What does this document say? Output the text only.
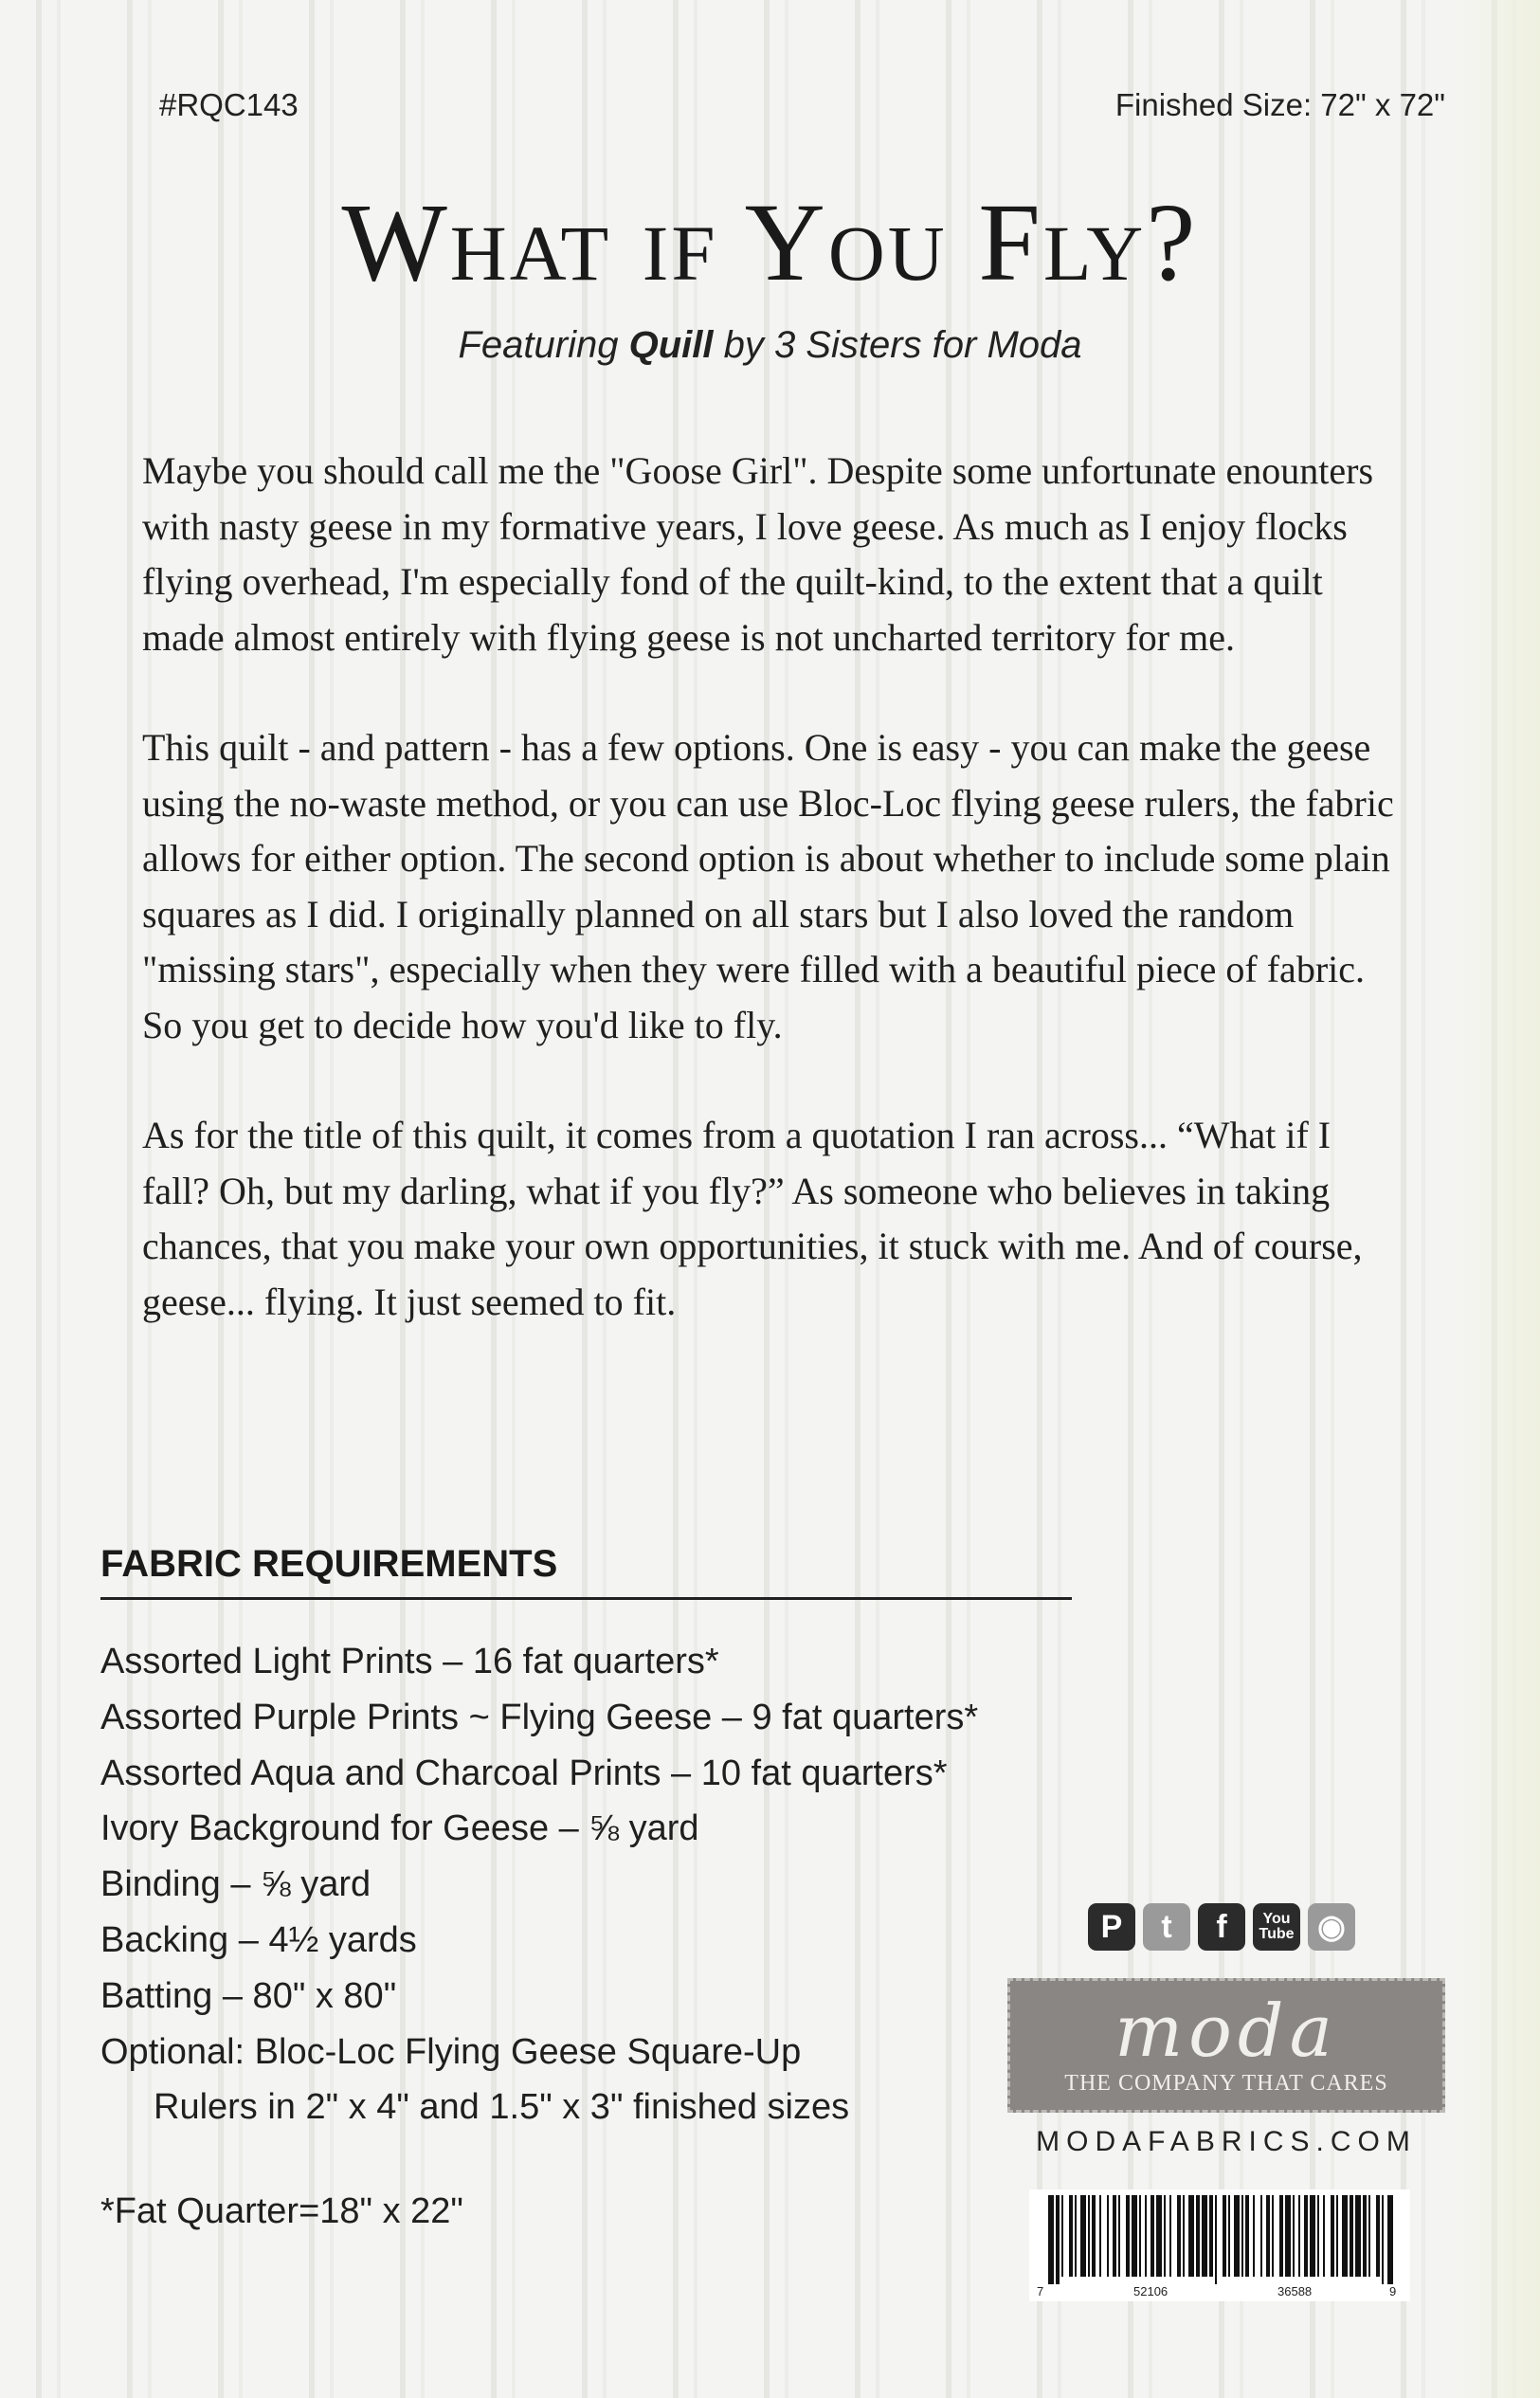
#RQC143	Finished Size: 72" x 72"
What if You Fly?
Featuring Quill by 3 Sisters for Moda

Maybe you should call me the "Goose Girl". Despite some unfortunate enounters with nasty geese in my formative years, I love geese. As much as I enjoy flocks flying overhead, I'm especially fond of the quilt-kind, to the extent that a quilt made almost entirely with flying geese is not uncharted territory for me.

This quilt - and pattern - has a few options. One is easy - you can make the geese using the no-waste method, or you can use Bloc-Loc flying geese rulers, the fabric allows for either option. The second option is about whether to include some plain squares as I did. I originally planned on all stars but I also loved the random "missing stars", especially when they were filled with a beautiful piece of fabric. So you get to decide how you'd like to fly.

As for the title of this quilt, it comes from a quotation I ran across... “What if I fall? Oh, but my darling, what if you fly?” As someone who believes in taking chances, that you make your own opportunities, it stuck with me. And of course, geese... flying. It just seemed to fit.

FABRIC REQUIREMENTS
Assorted Light Prints – 16 fat quarters*
Assorted Purple Prints ~ Flying Geese – 9 fat quarters*
Assorted Aqua and Charcoal Prints – 10 fat quarters*
Ivory Background for Geese – ⅝ yard
Binding – ⅝ yard
Backing – 4½ yards
Batting – 80" x 80"
Optional: Bloc-Loc Flying Geese Square-Up
Rulers in 2" x 4" and 1.5" x 3" finished sizes
*Fat Quarter=18" x 22"
P	t	f	You
Tube ◉
moda
THE COMPANY THAT CARES
MODAFABRICS.COM
7	52106	36588	9
